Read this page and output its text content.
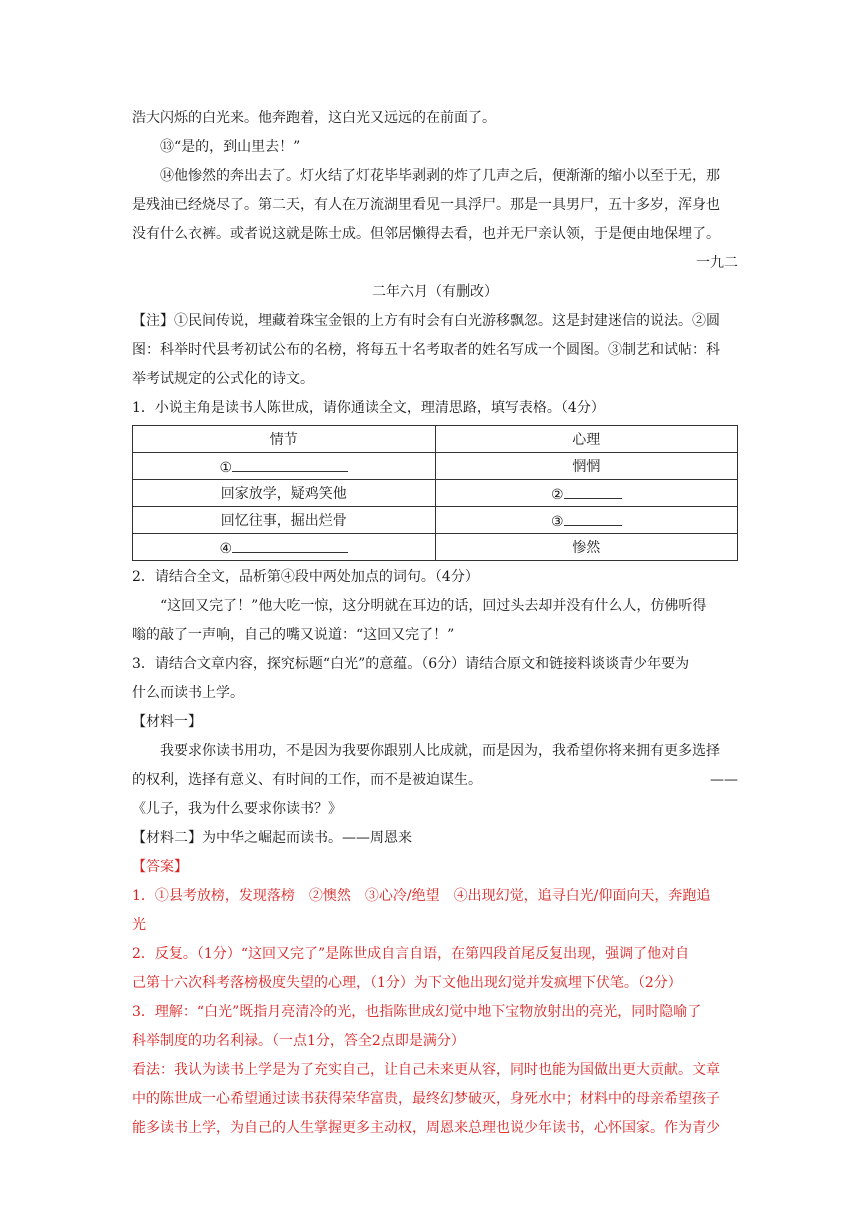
浩大闪烁的白光来。他奔跑着，这白光又远远的在前面了。
⑬“是的，到山里去！”
⑭他惨然的奔出去了。灯火结了灯花毕毕剥剥的炸了几声之后，便渐渐的缩小以至于无，那
是残油已经烧尽了。第二天，有人在万流湖里看见一具浮尸。那是一具男尸，五十多岁，浑身也
没有什么衣裤。或者说这就是陈士成。但邻居懒得去看，也并无尸亲认领，于是便由地保埋了。
一九二
二年六月（有删改）
【注】①民间传说，埋藏着珠宝金银的上方有时会有白光游移飘忽。这是封建迷信的说法。②圆
图：科举时代县考初试公布的名榜，将每五十名考取者的姓名写成一个圆图。③制艺和试帖：科
举考试规定的公式化的诗文。
1．小说主角是读书人陈世成，请你通读全文，理清思路，填写表格。（4分）
情节	心理
①	惘惘
回家放学，疑鸡笑他	②
回忆往事，掘出烂骨	③
④	惨然
2．请结合全文，品析第④段中两处加点的词句。（4分）
“这回又完了！”他大吃一惊，这分明就在耳边的话，回过头去却并没有什么人，仿佛听得
嗡的敲了一声响，自己的嘴又说道：“这回又完了！”
3．请结合文章内容，探究标题“白光”的意蕴。（6分）请结合原文和链接料谈谈青少年要为
什么而读书上学。
【材料一】
我要求你读书用功，不是因为我要你跟别人比成就，而是因为，我希望你将来拥有更多选择
的权利，选择有意义、有时间的工作，而不是被迫谋生。	——
《儿子，我为什么要求你读书？》
【材料二】为中华之崛起而读书。——周恩来
【答案】
1．①县考放榜，发现落榜　②懊然　③心冷/绝望　④出现幻觉，追寻白光/仰面向天，奔跑追
光
2．反复。（1分）“这回又完了”是陈世成自言自语，在第四段首尾反复出现，强调了他对自
己第十六次科考落榜极度失望的心理，（1分）为下文他出现幻觉并发疯埋下伏笔。（2分）
3．理解：“白光”既指月亮清冷的光，也指陈世成幻觉中地下宝物放射出的亮光，同时隐喻了
科举制度的功名利禄。（一点1分，答全2点即是满分）
看法：我认为读书上学是为了充实自己，让自己未来更从容，同时也能为国做出更大贡献。文章
中的陈世成一心希望通过读书获得荣华富贵，最终幻梦破灭，身死水中；材料中的母亲希望孩子
能多读书上学，为自己的人生掌握更多主动权，周恩来总理也说少年读书，心怀国家。作为青少
